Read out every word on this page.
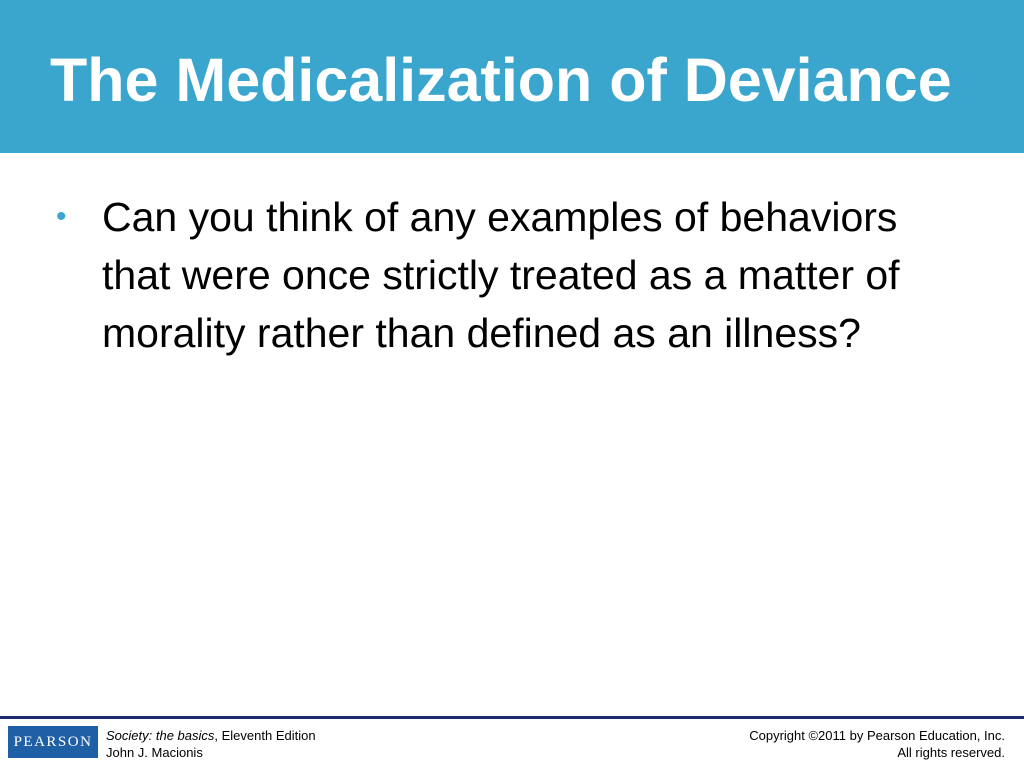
The Medicalization of Deviance
• Can you think of any examples of behaviors that were once strictly treated as a matter of morality rather than defined as an illness?
PEARSON Society: the basics, Eleventh Edition
John J. Macionis
Copyright ©2011 by Pearson Education, Inc.
All rights reserved.
